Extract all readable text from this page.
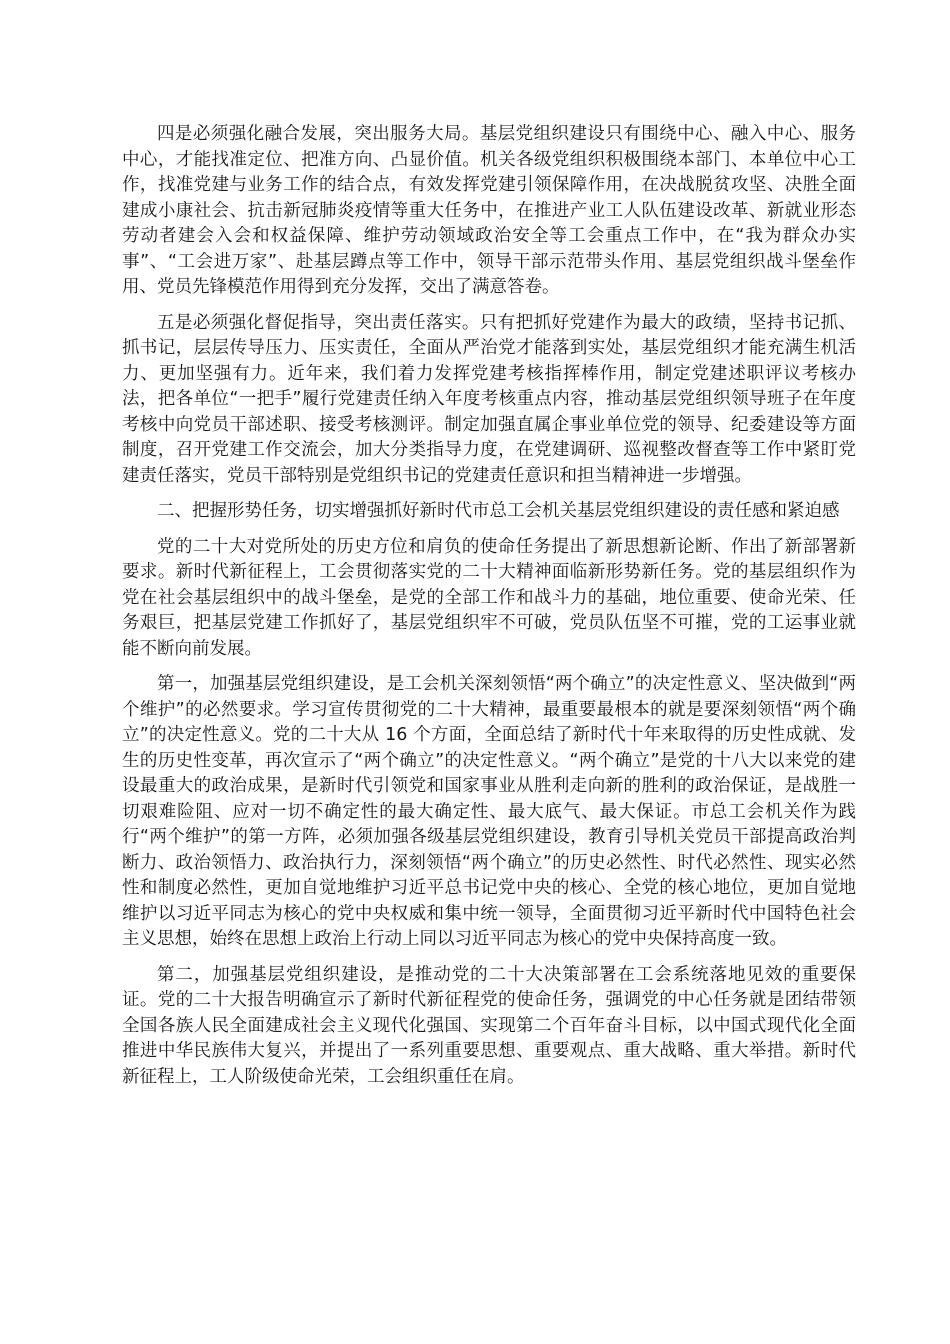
四是必须强化融合发展，突出服务大局。基层党组织建设只有围绕中心、融入中心、服务中心，才能找准定位、把准方向、凸显价值。机关各级党组织积极围绕本部门、本单位中心工作，找准党建与业务工作的结合点，有效发挥党建引领保障作用，在决战脱贫攻坚、决胜全面建成小康社会、抗击新冠肺炎疫情等重大任务中，在推进产业工人队伍建设改革、新就业形态劳动者建会入会和权益保障、维护劳动领域政治安全等工会重点工作中，在“我为群众办实事”、“工会进万家”、赴基层蹲点等工作中，领导干部示范带头作用、基层党组织战斗堡垒作用、党员先锋模范作用得到充分发挥，交出了满意答卷。

五是必须强化督促指导，突出责任落实。只有把抓好党建作为最大的政绩，坚持书记抓、抓书记，层层传导压力、压实责任，全面从严治党才能落到实处，基层党组织才能充满生机活力、更加坚强有力。近年来，我们着力发挥党建考核指挥棒作用，制定党建述职评议考核办法，把各单位“一把手”履行党建责任纳入年度考核重点内容，推动基层党组织领导班子在年度考核中向党员干部述职、接受考核测评。制定加强直属企事业单位党的领导、纪委建设等方面制度，召开党建工作交流会，加大分类指导力度，在党建调研、巡视整改督查等工作中紧盯党建责任落实，党员干部特别是党组织书记的党建责任意识和担当精神进一步增强。

二、把握形势任务，切实增强抓好新时代市总工会机关基层党组织建设的责任感和紧迫感

党的二十大对党所处的历史方位和肩负的使命任务提出了新思想新论断、作出了新部署新要求。新时代新征程上，工会贯彻落实党的二十大精神面临新形势新任务。党的基层组织作为党在社会基层组织中的战斗堡垒，是党的全部工作和战斗力的基础，地位重要、使命光荣、任务艰巨，把基层党建工作抓好了，基层党组织牢不可破，党员队伍坚不可摧，党的工运事业就能不断向前发展。

第一，加强基层党组织建设，是工会机关深刻领悟“两个确立”的决定性意义、坚决做到“两个维护”的必然要求。学习宣传贯彻党的二十大精神，最重要最根本的就是要深刻领悟“两个确立”的决定性意义。党的二十大从 16 个方面，全面总结了新时代十年来取得的历史性成就、发生的历史性变革，再次宣示了“两个确立”的决定性意义。“两个确立”是党的十八大以来党的建设最重大的政治成果，是新时代引领党和国家事业从胜利走向新的胜利的政治保证，是战胜一切艰难险阻、应对一切不确定性的最大确定性、最大底气、最大保证。市总工会机关作为践行“两个维护”的第一方阵，必须加强各级基层党组织建设，教育引导机关党员干部提高政治判断力、政治领悟力、政治执行力，深刻领悟“两个确立”的历史必然性、时代必然性、现实必然性和制度必然性，更加自觉地维护习近平总书记党中央的核心、全党的核心地位，更加自觉地维护以习近平同志为核心的党中央权威和集中统一领导，全面贯彻习近平新时代中国特色社会主义思想，始终在思想上政治上行动上同以习近平同志为核心的党中央保持高度一致。

第二，加强基层党组织建设，是推动党的二十大决策部署在工会系统落地见效的重要保证。党的二十大报告明确宣示了新时代新征程党的使命任务，强调党的中心任务就是团结带领全国各族人民全面建成社会主义现代化强国、实现第二个百年奋斗目标，以中国式现代化全面推进中华民族伟大复兴，并提出了一系列重要思想、重要观点、重大战略、重大举措。新时代新征程上，工人阶级使命光荣，工会组织重任在肩。
